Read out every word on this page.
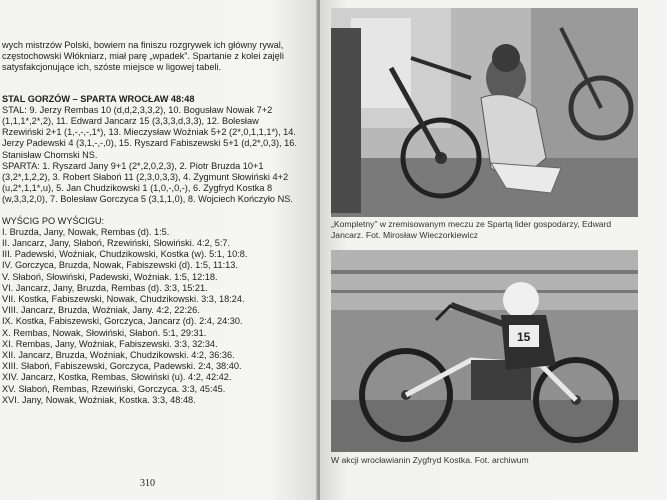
wych mistrzów Polski, bowiem na finiszu rozgrywek ich główny rywal, częstochowski Włókniarz, miał parę „wpadek”. Spartanie z kolei zajęli satysfakcjonujące ich, szóste miejsce w ligowej tabeli.

STAL GORZÓW – SPARTA WROCŁAW 48:48

STAL: 9. Jerzy Rembas 10 (d,d,2,3,3,2), 10. Bogusław Nowak 7+2 (1,1,1*,2*,2), 11. Edward Jancarz 15 (3,3,3,d,3,3), 12. Bolesław Rzewiński 2+1 (1,-,-,-,1*), 13. Mieczysław Woźniak 5+2 (2*,0,1,1,1*), 14. Jerzy Padewski 4 (3,1,-,-,0), 15. Ryszard Fabiszewski 5+1 (d,2*,0,3), 16. Stanisław Chomski NS.

SPARTA: 1. Ryszard Jany 9+1 (2*,2,0,2,3), 2. Piotr Bruzda 10+1 (3,2*,1,2,2), 3. Robert Słaboń 11 (2,3,0,3,3), 4. Zygmunt Słowiński 4+2 (u,2*,1,1*,u), 5. Jan Chudzikowski 1 (1,0,-,0,-), 6. Zygfryd Kostka 8 (w,3,3,2,0), 7. Bolesław Gorczyca 5 (3,1,1,0), 8. Wojciech Kończyło NS.

WYŚCIG PO WYŚCIGU:

I. Bruzda, Jany, Nowak, Rembas (d). 1:5.
II. Jancarz, Jany, Słaboń, Rzewiński, Słowiński. 4:2, 5:7.
III. Padewski, Woźniak, Chudzikowski, Kostka (w). 5:1, 10:8.
IV. Gorczyca, Bruzda, Nowak, Fabiszewski (d). 1:5, 11:13.
V. Słaboń, Słowiński, Padewski, Woźniak. 1:5, 12:18.
VI. Jancarz, Jany, Bruzda, Rembas (d). 3:3, 15:21.
VII. Kostka, Fabiszewski, Nowak, Chudzikowski. 3:3, 18:24.
VIII. Jancarz, Bruzda, Woźniak, Jany. 4:2, 22:26.
IX. Kostka, Fabiszewski, Gorczyca, Jancarz (d). 2:4, 24:30.
X. Rembas, Nowak, Słowiński, Słaboń. 5:1, 29:31.
XI. Rembas, Jany, Woźniak, Fabiszewski. 3:3, 32:34.
XII. Jancarz, Bruzda, Woźniak, Chudzikowski. 4:2, 36:36.
XIII. Słaboń, Fabiszewski, Gorczyca, Padewski. 2:4, 38:40.
XIV. Jancarz, Kostka, Rembas, Słowiński (u). 4:2, 42:42.
XV. Słaboń, Rembas, Rzewiński, Gorczyca. 3:3, 45:45.
XVI. Jany, Nowak, Woźniak, Kostka. 3:3, 48:48.
310
„Kompletny” w zremisowanym meczu ze Spartą lider gospodarzy, Edward Jancarz. Fot. Mirosław Wieczorkiewicz
15
W akcji wrocławianin Zygfryd Kostka. Fot. archiwum
